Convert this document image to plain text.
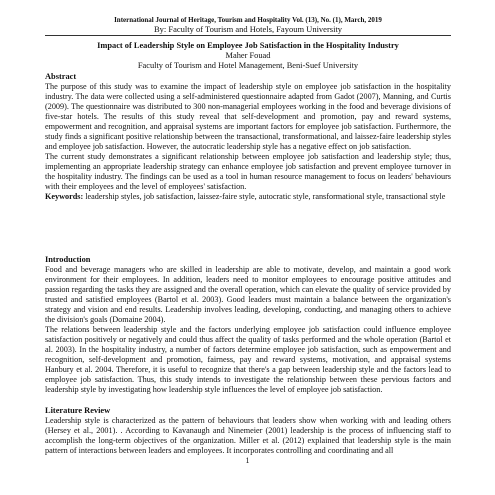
International Journal of Heritage, Tourism and Hospitality Vol. (13), No. (1), March, 2019
By: Faculty of Tourism and Hotels, Fayoum University
Impact of Leadership Style on Employee Job Satisfaction in the Hospitality Industry
Maher Fouad
Faculty of Tourism and Hotel Management, Beni-Suef University
Abstract

The purpose of this study was to examine the impact of leadership style on employee job satisfaction in the hospitality industry. The data were collected using a self-administered questionnaire adapted from Gadot (2007), Manning, and Curtis (2009). The questionnaire was distributed to 300 non-managerial employees working in the food and beverage divisions of five-star hotels. The results of this study reveal that self-development and promotion, pay and reward systems, empowerment and recognition, and appraisal systems are important factors for employee job satisfaction. Furthermore, the study finds a significant positive relationship between the transactional, transformational, and laissez-faire leadership styles and employee job satisfaction. However, the autocratic leadership style has a negative effect on job satisfaction.

The current study demonstrates a significant relationship between employee job satisfaction and leadership style; thus, implementing an appropriate leadership strategy can enhance employee job satisfaction and prevent employee turnover in the hospitality industry. The findings can be used as a tool in human resource management to focus on leaders' behaviours with their employees and the level of employees' satisfaction.

Keywords: leadership styles, job satisfaction, laissez-faire style, autocratic style, ransformational style, transactional style

Introduction

Food and beverage managers who are skilled in leadership are able to motivate, develop, and maintain a good work environment for their employees. In addition, leaders need to monitor employees to encourage positive attitudes and passion regarding the tasks they are assigned and the overall operation, which can elevate the quality of service provided by trusted and satisfied employees (Bartol et al. 2003). Good leaders must maintain a balance between the organization's strategy and vision and end results. Leadership involves leading, developing, conducting, and managing others to achieve the division's goals (Domaine 2004).

The relations between leadership style and the factors underlying employee job satisfaction could influence employee satisfaction positively or negatively and could thus affect the quality of tasks performed and the whole operation (Bartol et al. 2003). In the hospitality industry, a number of factors determine employee job satisfaction, such as empowerment and recognition, self-development and promotion, fairness, pay and reward systems, motivation, and appraisal systems Hanbury et al. 2004. Therefore, it is useful to recognize that there's a gap between leadership style and the factors lead to employee job satisfaction. Thus, this study intends to investigate the relationship between these pervious factors and leadership style by investigating how leadership style influences the level of employee job satisfaction.

Literature Review

Leadership style is characterized as the pattern of behaviours that leaders show when working with and leading others (Hersey et al., 2001). . According to Kavanaugh and Ninemeier (2001) leadership is the process of influencing staff to accomplish the long-term objectives of the organization. Miller et al. (2012) explained that leadership style is the main pattern of interactions between leaders and employees. It incorporates controlling and coordinating and all

1
